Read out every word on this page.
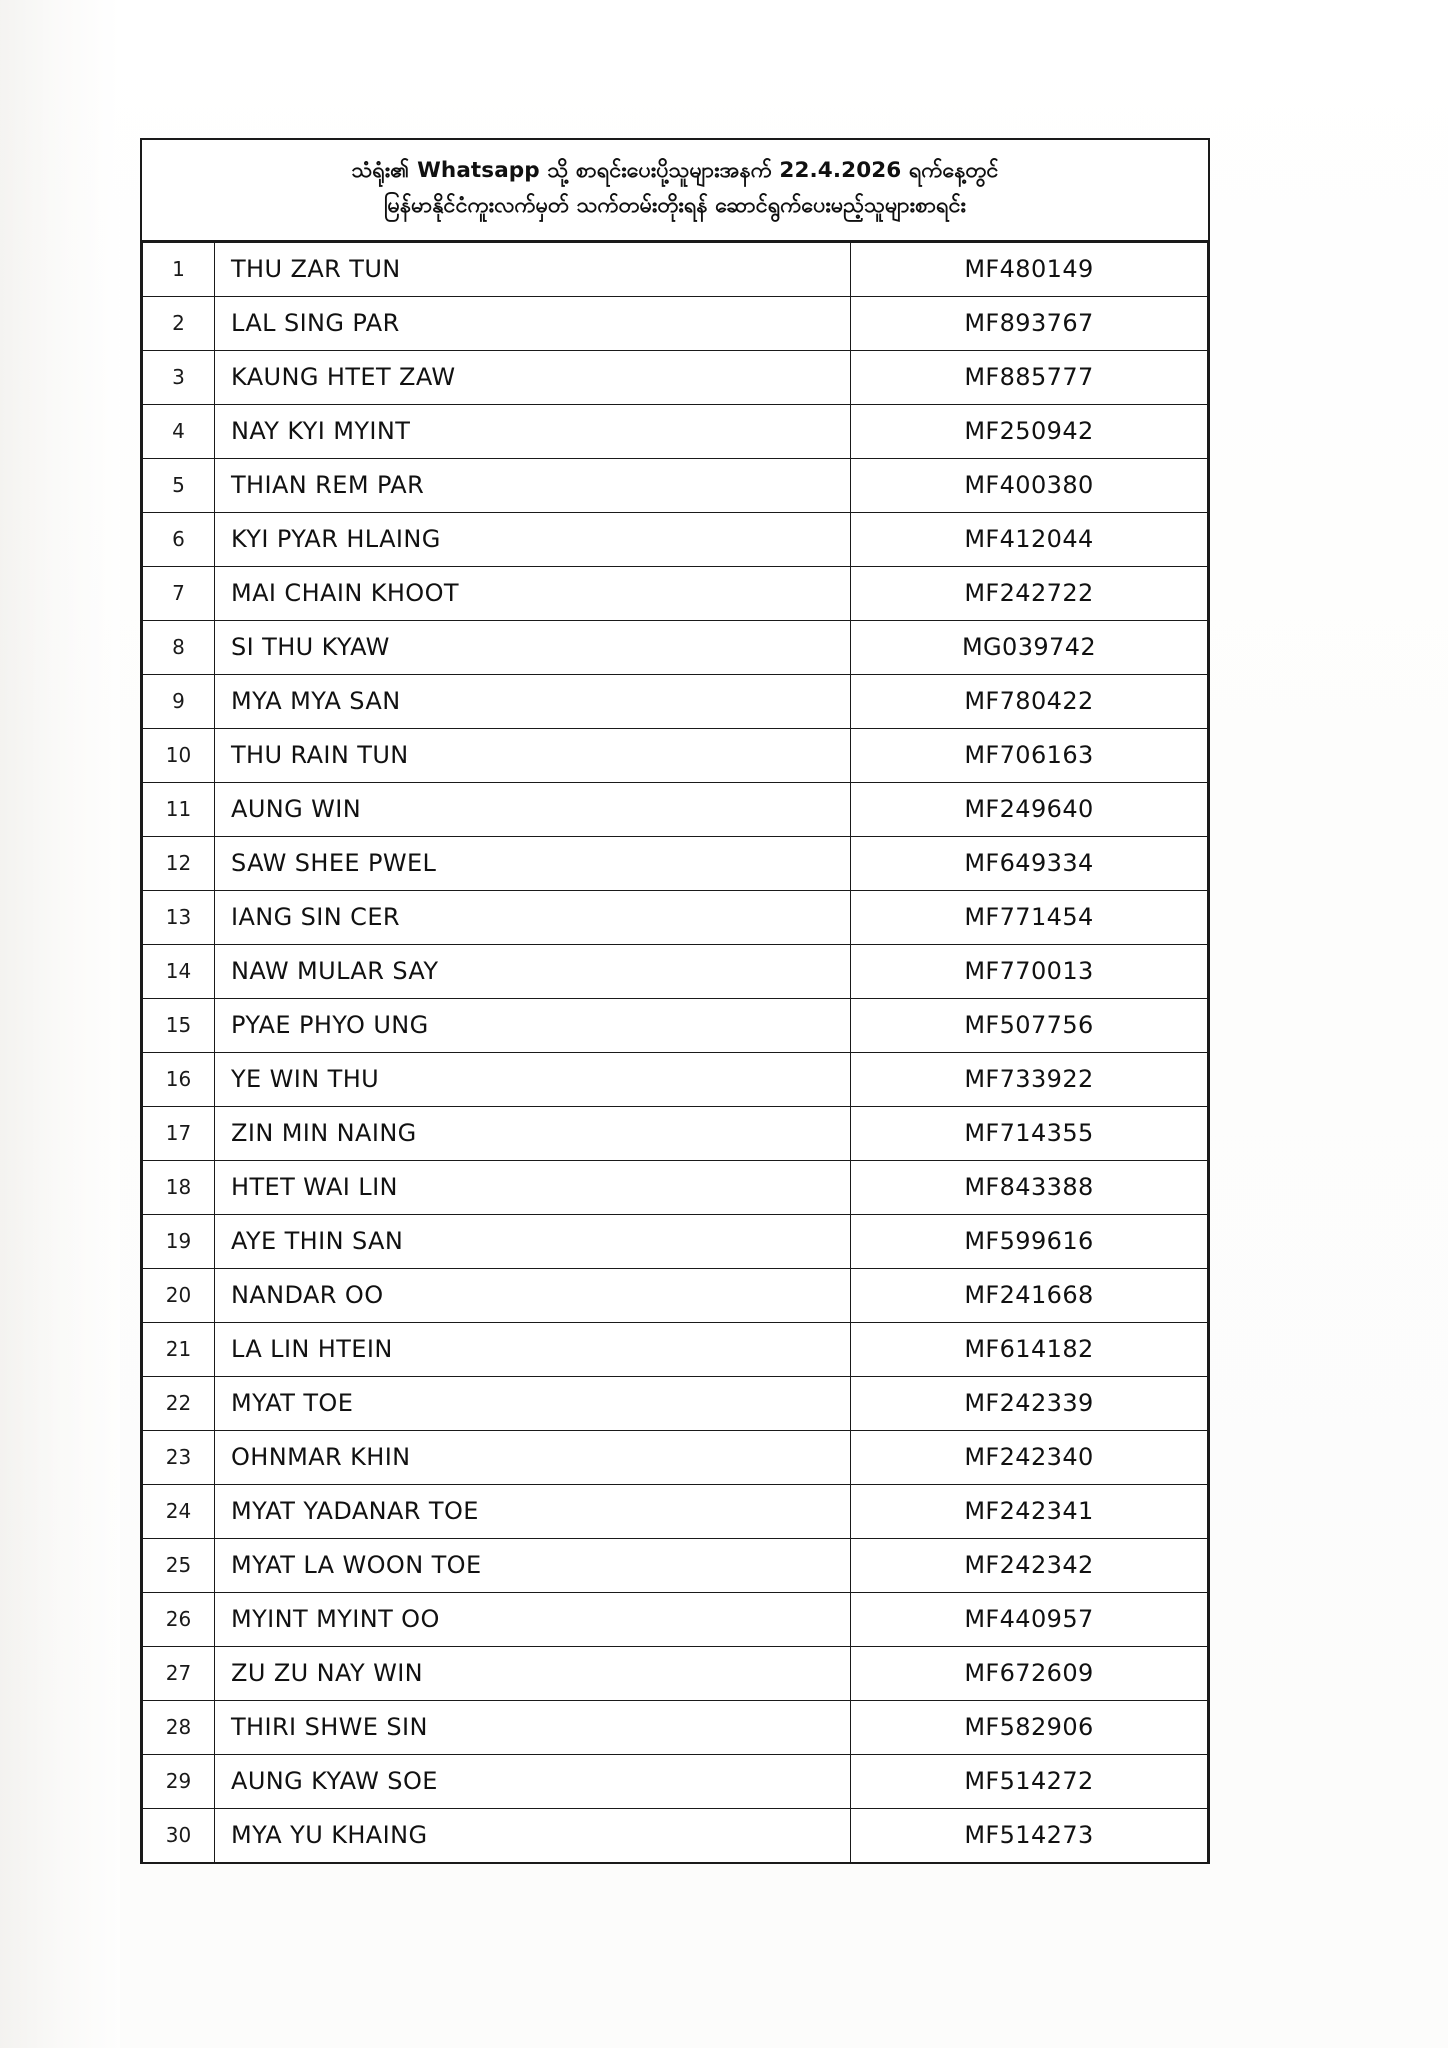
သံရုံး၏ Whatsapp သို့ စာရင်းပေးပို့သူများအနက် 22.4.2026 ရက်နေ့တွင်
မြန်မာနိုင်ငံကူးလက်မှတ် သက်တမ်းတိုးရန် ဆောင်ရွက်ပေးမည့်သူများစာရင်း
1	THU ZAR TUN	MF480149
2	LAL SING PAR	MF893767
3	KAUNG HTET ZAW	MF885777
4	NAY KYI MYINT	MF250942
5	THIAN REM PAR	MF400380
6	KYI PYAR HLAING	MF412044
7	MAI CHAIN KHOOT	MF242722
8	SI THU KYAW	MG039742
9	MYA MYA SAN	MF780422
10	THU RAIN TUN	MF706163
11	AUNG WIN	MF249640
12	SAW SHEE PWEL	MF649334
13	IANG SIN CER	MF771454
14	NAW MULAR SAY	MF770013
15	PYAE PHYO UNG	MF507756
16	YE WIN THU	MF733922
17	ZIN MIN NAING	MF714355
18	HTET WAI LIN	MF843388
19	AYE THIN SAN	MF599616
20	NANDAR OO	MF241668
21	LA LIN HTEIN	MF614182
22	MYAT TOE	MF242339
23	OHNMAR KHIN	MF242340
24	MYAT YADANAR TOE	MF242341
25	MYAT LA WOON TOE	MF242342
26	MYINT MYINT OO	MF440957
27	ZU ZU NAY WIN	MF672609
28	THIRI SHWE SIN	MF582906
29	AUNG KYAW SOE	MF514272
30	MYA YU KHAING	MF514273
